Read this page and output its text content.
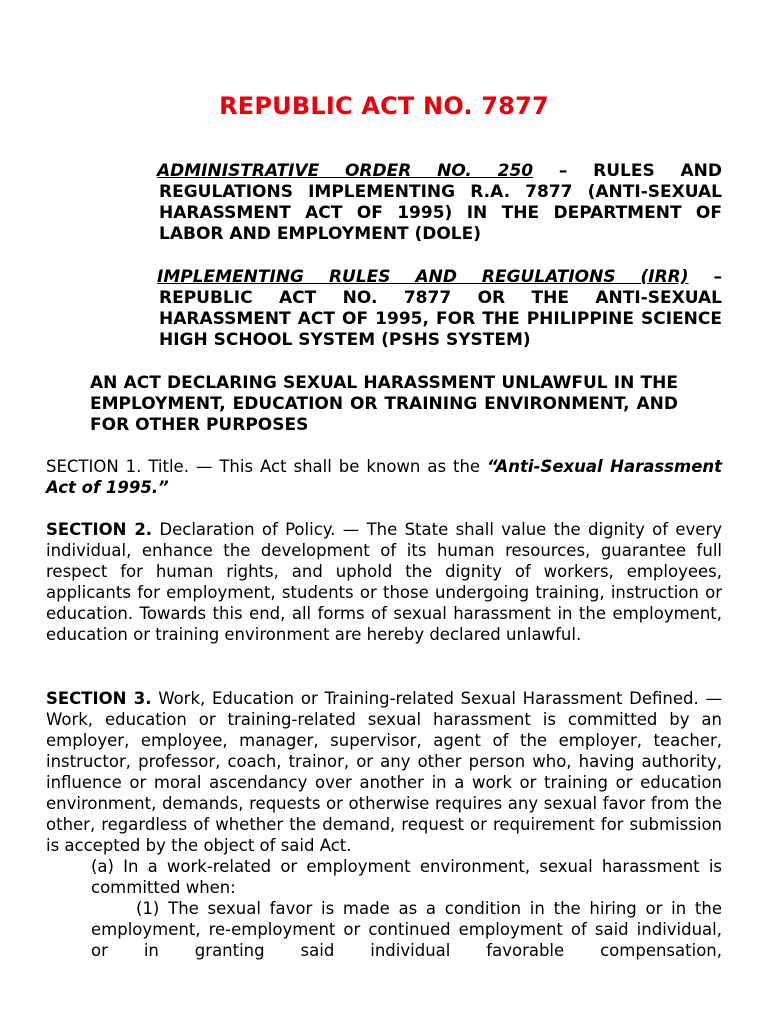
REPUBLIC ACT NO. 7877
ADMINISTRATIVE ORDER NO. 250 – RULES AND
REGULATIONS IMPLEMENTING R.A. 7877 (ANTI-SEXUAL HARASSMENT ACT OF 1995) IN THE DEPARTMENT OF LABOR AND EMPLOYMENT (DOLE)
IMPLEMENTING RULES AND REGULATIONS (IRR) –
REPUBLIC ACT NO. 7877 OR THE ANTI-SEXUAL HARASSMENT ACT OF 1995, FOR THE PHILIPPINE SCIENCE HIGH SCHOOL SYSTEM (PSHS SYSTEM)
AN ACT DECLARING SEXUAL HARASSMENT UNLAWFUL IN THE EMPLOYMENT, EDUCATION OR TRAINING ENVIRONMENT, AND FOR OTHER PURPOSES
SECTION 1. Title. — This Act shall be known as the “Anti-Sexual Harassment Act of 1995.”
SECTION 2. Declaration of Policy. — The State shall value the dignity of every individual, enhance the development of its human resources, guarantee full respect for human rights, and uphold the dignity of workers, employees, applicants for employment, students or those undergoing training, instruction or education. Towards this end, all forms of sexual harassment in the employment, education or training environment are hereby declared unlawful.
SECTION 3. Work, Education or Training-related Sexual Harassment Defined. — Work, education or training-related sexual harassment is committed by an employer, employee, manager, supervisor, agent of the employer, teacher, instructor, professor, coach, trainor, or any other person who, having authority, influence or moral ascendancy over another in a work or training or education environment, demands, requests or otherwise requires any sexual favor from the other, regardless of whether the demand, request or requirement for submission is accepted by the object of said Act.
(a) In a work-related or employment environment, sexual harassment is committed when:
(1) The sexual favor is made as a condition in the hiring or in the employment, re-employment or continued employment of said individual, or in granting said individual favorable compensation,
